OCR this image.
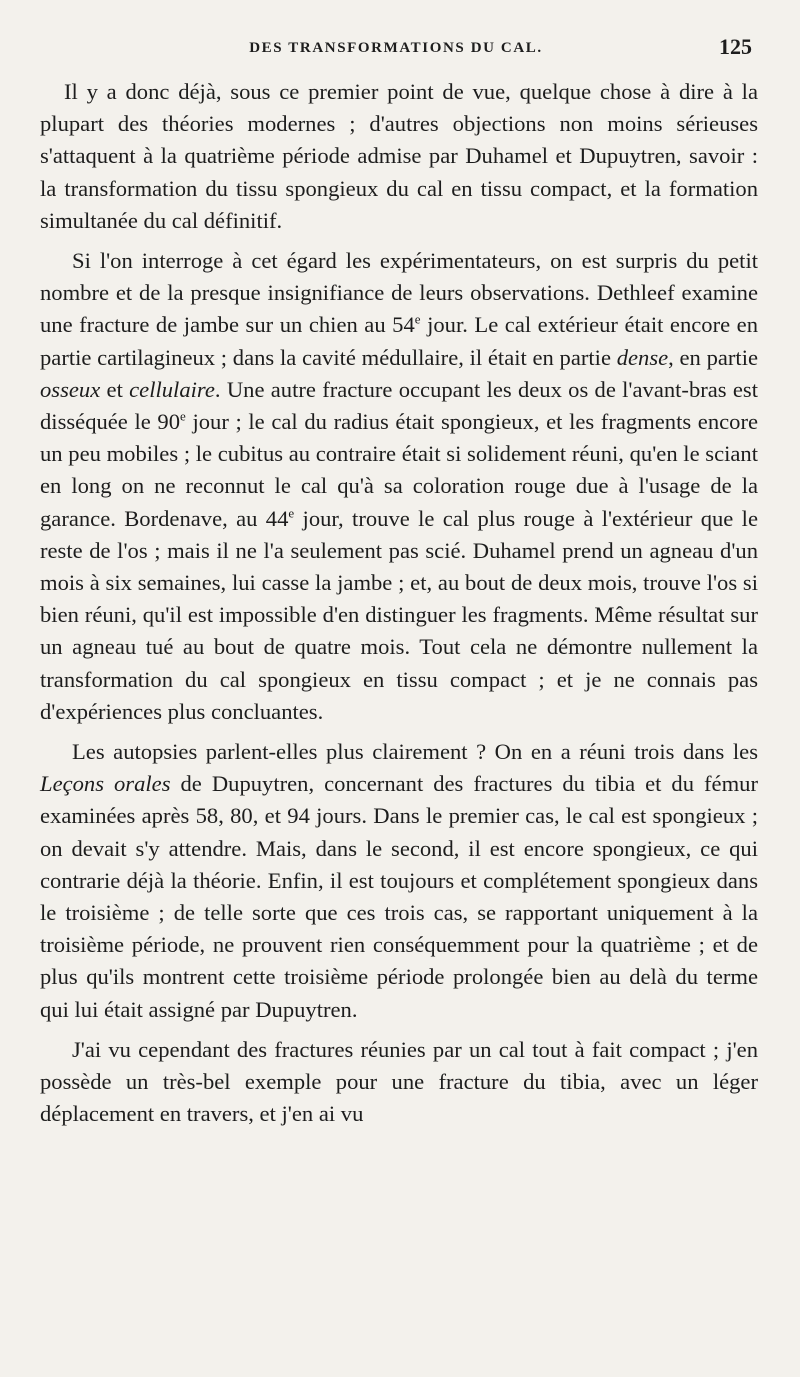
DES TRANSFORMATIONS DU CAL.	125

Il y a donc déjà, sous ce premier point de vue, quelque chose à dire à la plupart des théories modernes ; d'autres objections non moins sérieuses s'attaquent à la quatrième période admise par Duhamel et Dupuytren, savoir : la transformation du tissu spongieux du cal en tissu compact, et la formation simultanée du cal définitif.

Si l'on interroge à cet égard les expérimentateurs, on est surpris du petit nombre et de la presque insignifiance de leurs observations. Dethleef examine une fracture de jambe sur un chien au 54e jour. Le cal extérieur était encore en partie cartilagineux ; dans la cavité médullaire, il était en partie dense, en partie osseux et cellulaire. Une autre fracture occupant les deux os de l'avant-bras est disséquée le 90e jour ; le cal du radius était spongieux, et les fragments encore un peu mobiles ; le cubitus au contraire était si solidement réuni, qu'en le sciant en long on ne reconnut le cal qu'à sa coloration rouge due à l'usage de la garance. Bordenave, au 44e jour, trouve le cal plus rouge à l'extérieur que le reste de l'os ; mais il ne l'a seulement pas scié. Duhamel prend un agneau d'un mois à six semaines, lui casse la jambe ; et, au bout de deux mois, trouve l'os si bien réuni, qu'il est impossible d'en distinguer les fragments. Même résultat sur un agneau tué au bout de quatre mois. Tout cela ne démontre nullement la transformation du cal spongieux en tissu compact ; et je ne connais pas d'expériences plus concluantes.

Les autopsies parlent-elles plus clairement ? On en a réuni trois dans les Leçons orales de Dupuytren, concernant des fractures du tibia et du fémur examinées après 58, 80, et 94 jours. Dans le premier cas, le cal est spongieux ; on devait s'y attendre. Mais, dans le second, il est encore spongieux, ce qui contrarie déjà la théorie. Enfin, il est toujours et complétement spongieux dans le troisième ; de telle sorte que ces trois cas, se rapportant uniquement à la troisième période, ne prouvent rien conséquemment pour la quatrième ; et de plus qu'ils montrent cette troisième période prolongée bien au delà du terme qui lui était assigné par Dupuytren.

J'ai vu cependant des fractures réunies par un cal tout à fait compact ; j'en possède un très-bel exemple pour une fracture du tibia, avec un léger déplacement en travers, et j'en ai vu
